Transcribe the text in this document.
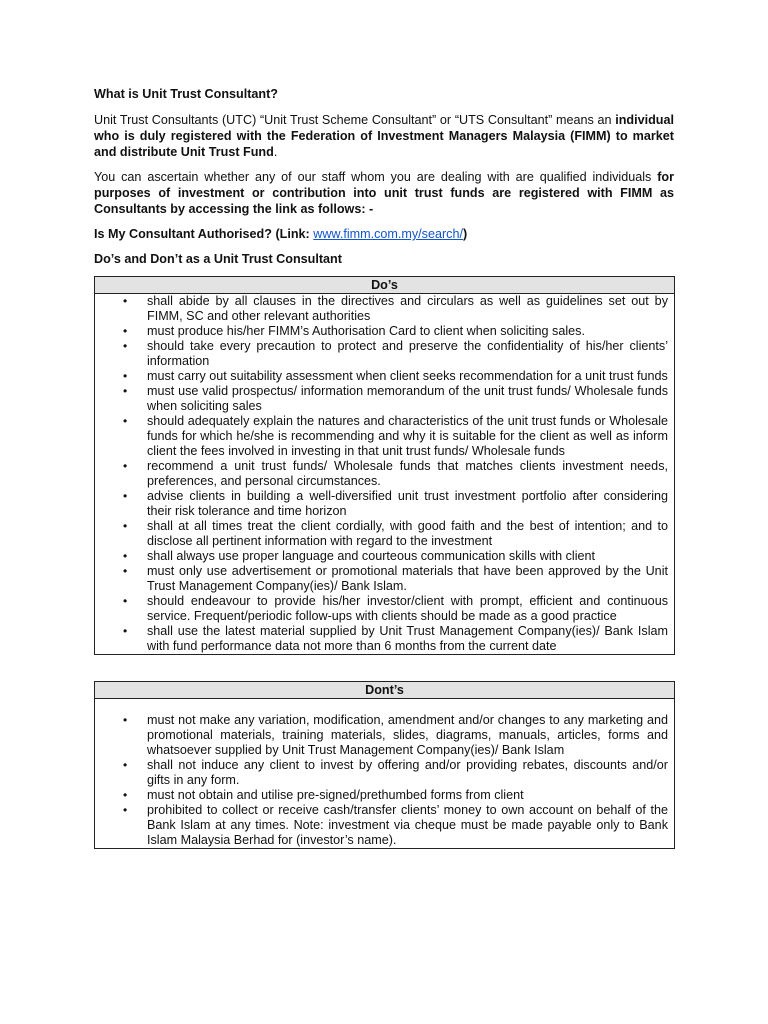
What is Unit Trust Consultant?

Unit Trust Consultants (UTC) “Unit Trust Scheme Consultant” or “UTS Consultant” means an individual who is duly registered with the Federation of Investment Managers Malaysia (FIMM) to market and distribute Unit Trust Fund.

You can ascertain whether any of our staff whom you are dealing with are qualified individuals for purposes of investment or contribution into unit trust funds are registered with FIMM as Consultants by accessing the link as follows: -

Is My Consultant Authorised? (Link: www.fimm.com.my/search/)

Do’s and Don’t as a Unit Trust Consultant

Do’s
• shall abide by all clauses in the directives and circulars as well as guidelines set out by FIMM, SC and other relevant authorities
• must produce his/her FIMM’s Authorisation Card to client when soliciting sales.
• should take every precaution to protect and preserve the confidentiality of his/her clients’ information
• must carry out suitability assessment when client seeks recommendation for a unit trust funds
• must use valid prospectus/ information memorandum of the unit trust funds/ Wholesale funds when soliciting sales
• should adequately explain the natures and characteristics of the unit trust funds or Wholesale funds for which he/she is recommending and why it is suitable for the client as well as inform client the fees involved in investing in that unit trust funds/ Wholesale funds
• recommend a unit trust funds/ Wholesale funds that matches clients investment needs, preferences, and personal circumstances.
• advise clients in building a well-diversified unit trust investment portfolio after considering their risk tolerance and time horizon
• shall at all times treat the client cordially, with good faith and the best of intention; and to disclose all pertinent information with regard to the investment
• shall always use proper language and courteous communication skills with client
• must only use advertisement or promotional materials that have been approved by the Unit Trust Management Company(ies)/ Bank Islam.
• should endeavour to provide his/her investor/client with prompt, efficient and continuous service. Frequent/periodic follow-ups with clients should be made as a good practice
• shall use the latest material supplied by Unit Trust Management Company(ies)/ Bank Islam with fund performance data not more than 6 months from the current date
Dont’s
• must not make any variation, modification, amendment and/or changes to any marketing and promotional materials, training materials, slides, diagrams, manuals, articles, forms and whatsoever supplied by Unit Trust Management Company(ies)/ Bank Islam
• shall not induce any client to invest by offering and/or providing rebates, discounts and/or gifts in any form.
• must not obtain and utilise pre-signed/prethumbed forms from client
• prohibited to collect or receive cash/transfer clients’ money to own account on behalf of the Bank Islam at any times. Note: investment via cheque must be made payable only to Bank Islam Malaysia Berhad for (investor’s name).
